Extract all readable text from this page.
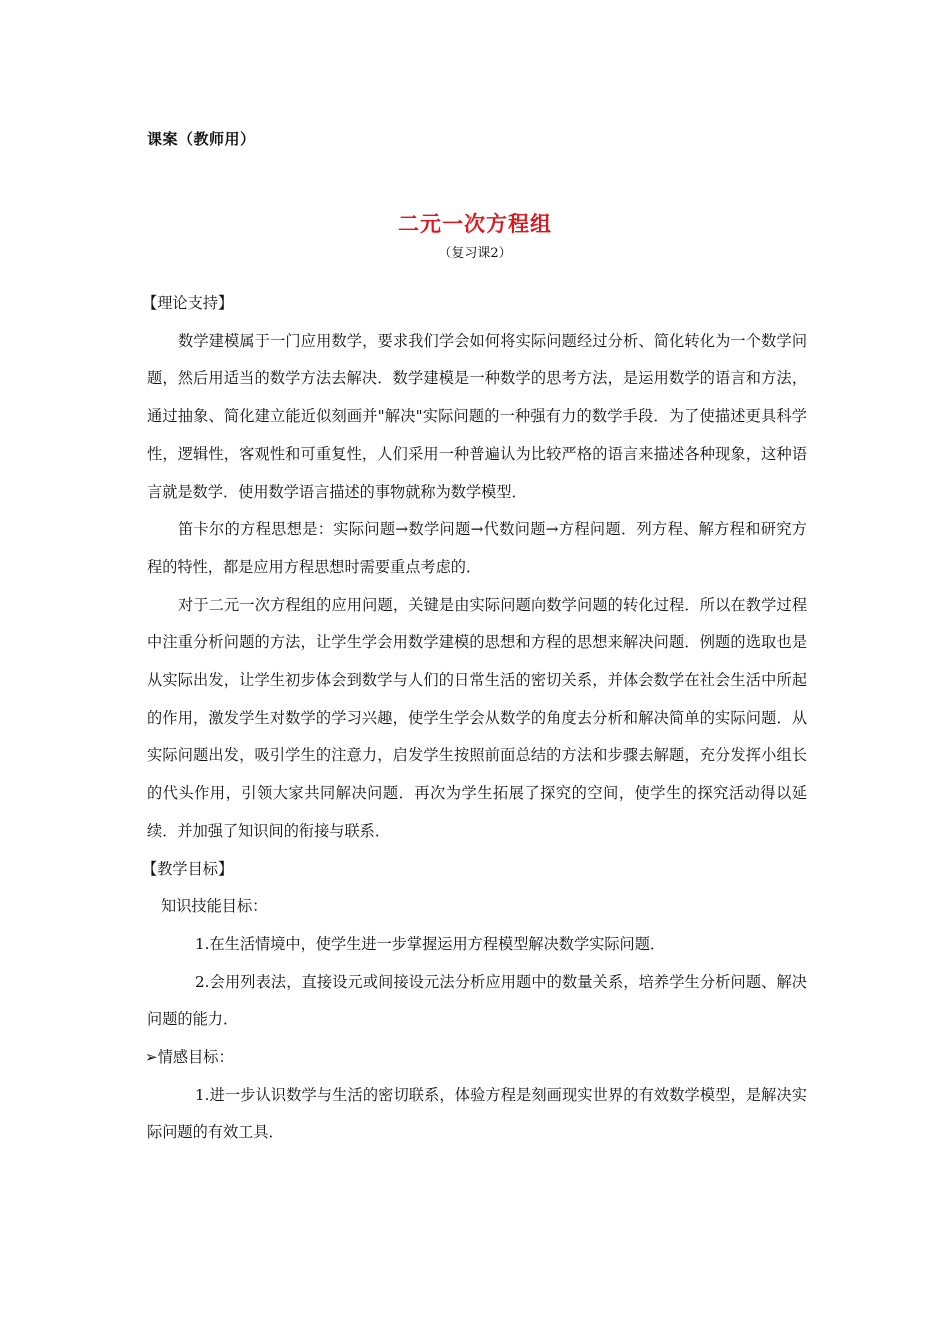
课案（教师用）
二元一次方程组
（复习课2）

【理论支持】

数学建模属于一门应用数学，要求我们学会如何将实际问题经过分析、简化转化为一个数学问题，然后用适当的数学方法去解决．数学建模是一种数学的思考方法，是运用数学的语言和方法，通过抽象、简化建立能近似刻画并"解决"实际问题的一种强有力的数学手段．为了使描述更具科学性，逻辑性，客观性和可重复性，人们采用一种普遍认为比较严格的语言来描述各种现象，这种语言就是数学．使用数学语言描述的事物就称为数学模型．

笛卡尔的方程思想是：实际问题→数学问题→代数问题→方程问题．列方程、解方程和研究方程的特性，都是应用方程思想时需要重点考虑的．

对于二元一次方程组的应用问题，关键是由实际问题向数学问题的转化过程．所以在教学过程中注重分析问题的方法，让学生学会用数学建模的思想和方程的思想来解决问题．例题的选取也是从实际出发，让学生初步体会到数学与人们的日常生活的密切关系，并体会数学在社会生活中所起的作用，激发学生对数学的学习兴趣，使学生学会从数学的角度去分析和解决简单的实际问题．从实际问题出发，吸引学生的注意力，启发学生按照前面总结的方法和步骤去解题，充分发挥小组长的代头作用，引领大家共同解决问题．再次为学生拓展了探究的空间，使学生的探究活动得以延续．并加强了知识间的衔接与联系．

【教学目标】

知识技能目标：

1.在生活情境中，使学生进一步掌握运用方程模型解决数学实际问题．

2.会用列表法，直接设元或间接设元法分析应用题中的数量关系，培养学生分析问题、解决问题的能力．

➢情感目标：

1.进一步认识数学与生活的密切联系，体验方程是刻画现实世界的有效数学模型，是解决实际问题的有效工具．
